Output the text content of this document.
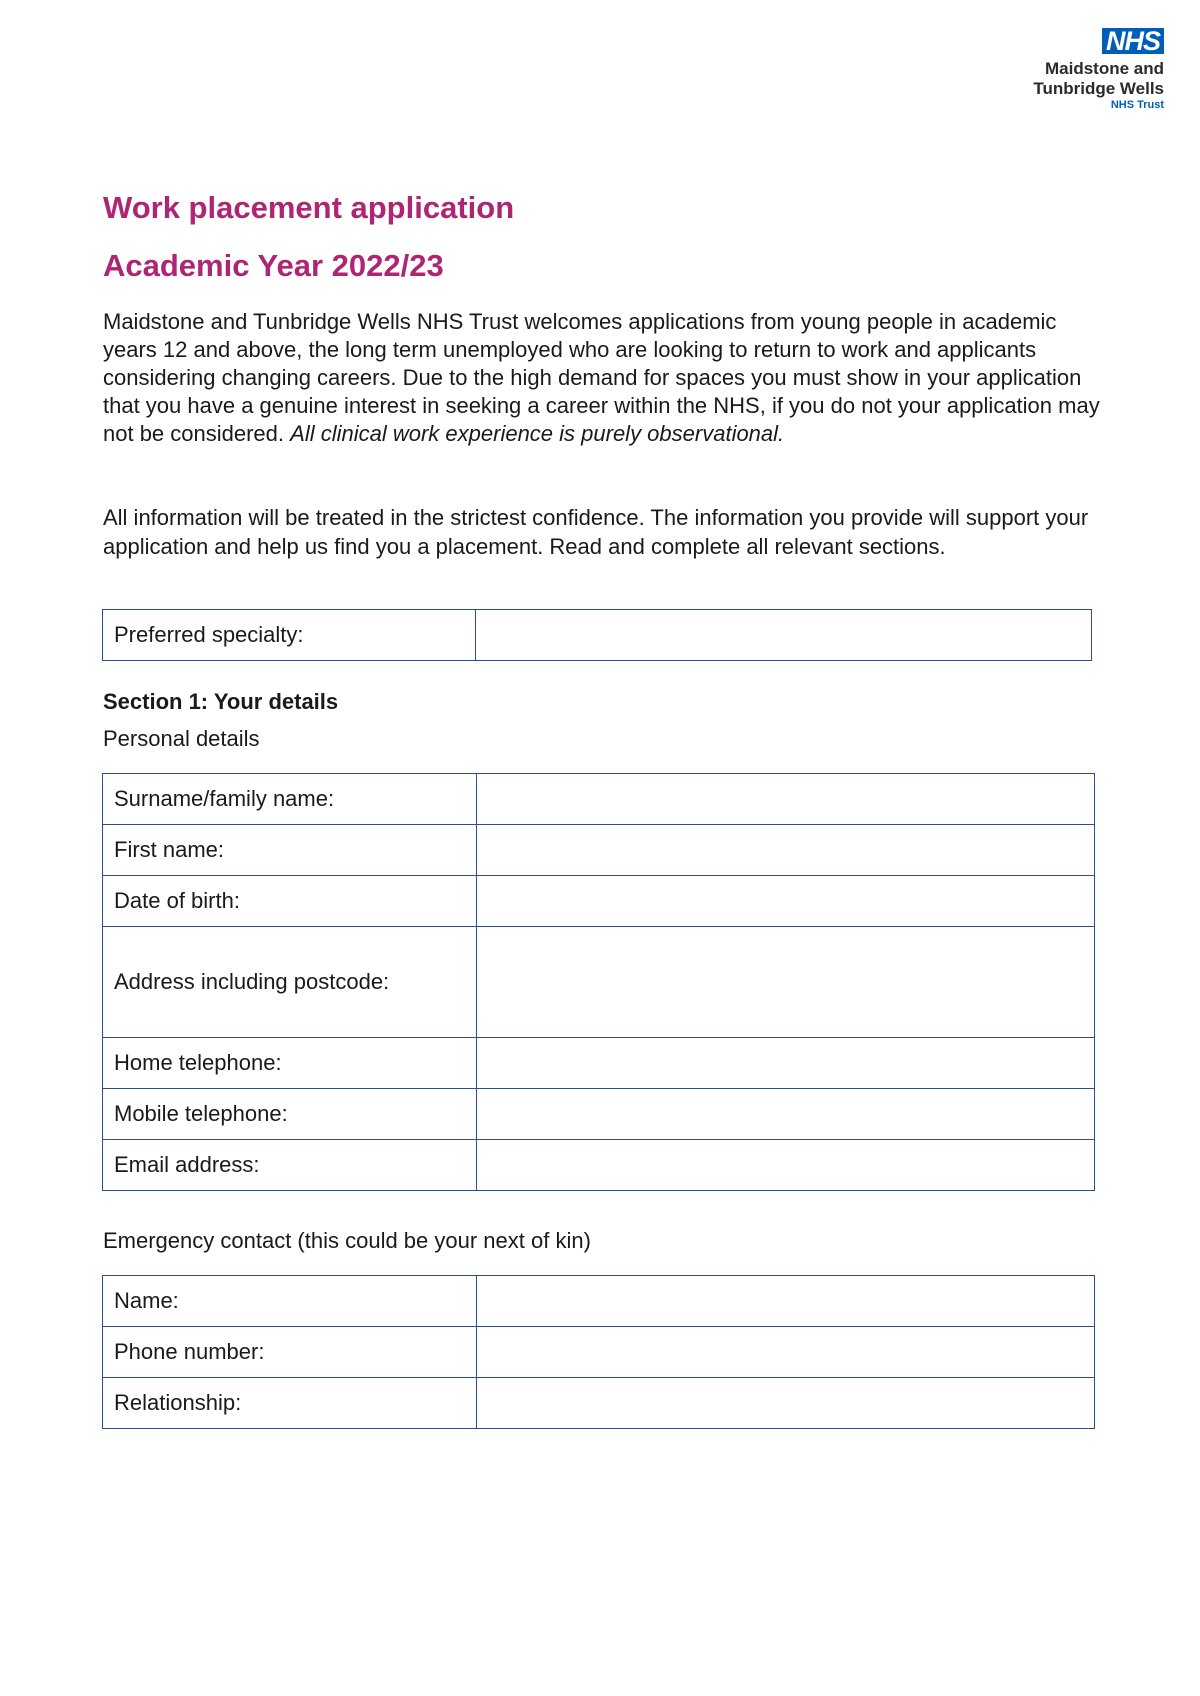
NHS
Maidstone and
Tunbridge Wells
NHS Trust
Work placement application
Academic Year 2022/23

Maidstone and Tunbridge Wells NHS Trust welcomes applications from young people in academic years 12 and above, the long term unemployed who are looking to return to work and applicants considering changing careers. Due to the high demand for spaces you must show in your application that you have a genuine interest in seeking a career within the NHS, if you do not your application may not be considered. All clinical work experience is purely observational.

All information will be treated in the strictest confidence. The information you provide will support your application and help us find you a placement. Read and complete all relevant sections.

Preferred specialty:	
Section 1: Your details

Personal details

Surname/family name:	
First name:	
Date of birth:	
Address including postcode:	
Home telephone:	
Mobile telephone:	
Email address:	

Emergency contact (this could be your next of kin)

Name:	
Phone number:	
Relationship:	
